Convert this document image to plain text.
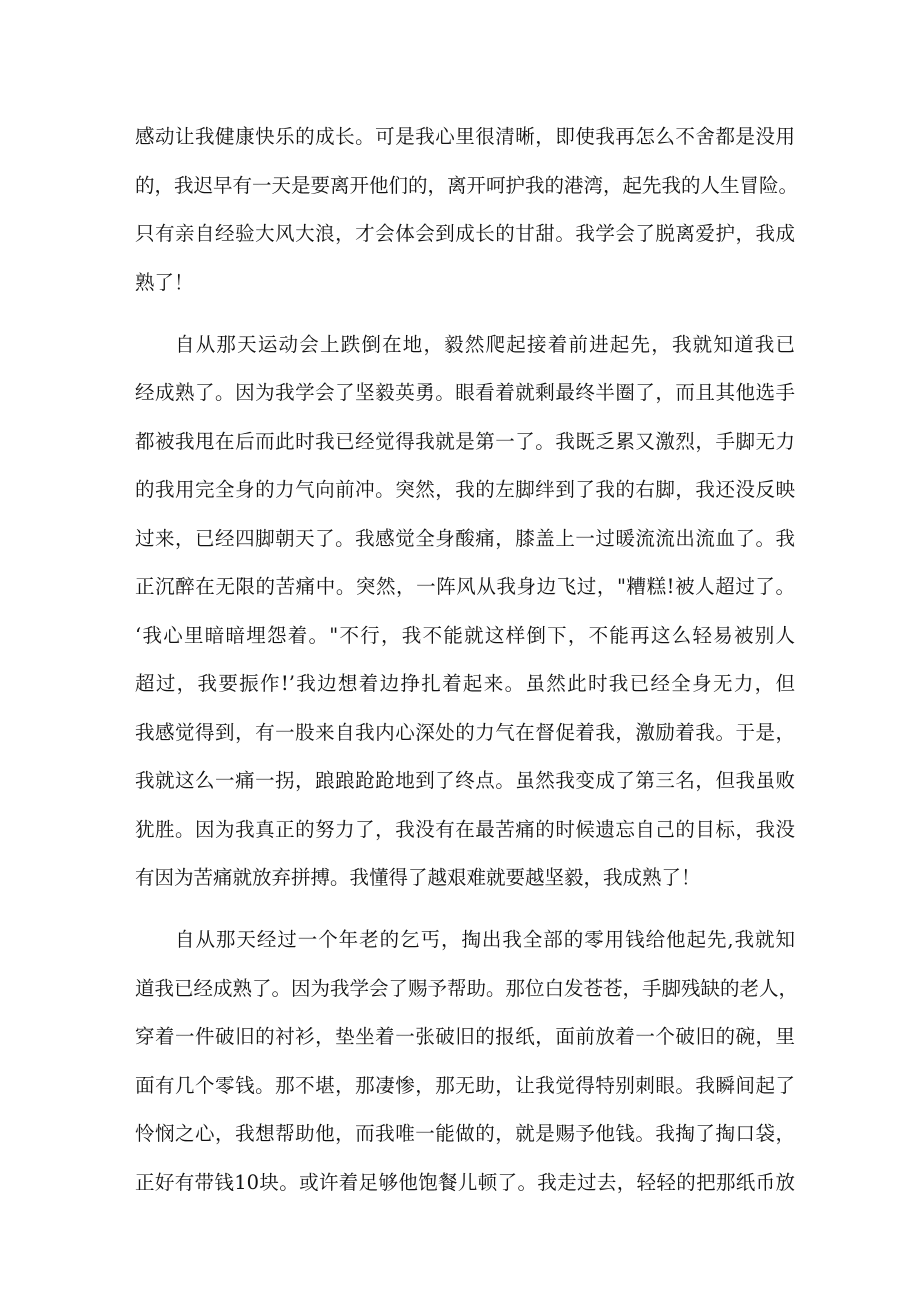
感动让我健康快乐的成长。可是我心里很清晰，即使我再怎么不舍都是没用
的，我迟早有一天是要离开他们的，离开呵护我的港湾，起先我的人生冒险。
只有亲自经验大风大浪，才会体会到成长的甘甜。我学会了脱离爱护，我成
熟了！
自从那天运动会上跌倒在地，毅然爬起接着前进起先，我就知道我已
经成熟了。因为我学会了坚毅英勇。眼看着就剩最终半圈了，而且其他选手
都被我甩在后而此时我已经觉得我就是第一了。我既乏累又激烈，手脚无力
的我用完全身的力气向前冲。突然，我的左脚绊到了我的右脚，我还没反映
过来，已经四脚朝天了。我感觉全身酸痛，膝盖上一过暖流流出流血了。我
正沉醉在无限的苦痛中。突然，一阵风从我身边飞过，"糟糕!被人超过了。
‘我心里暗暗埋怨着。"不行，我不能就这样倒下，不能再这么轻易被别人
超过，我要振作!’我边想着边挣扎着起来。虽然此时我已经全身无力，但
我感觉得到，有一股来自我内心深处的力气在督促着我，激励着我。于是，
我就这么一痛一拐，踉踉跄跄地到了终点。虽然我变成了第三名，但我虽败
犹胜。因为我真正的努力了，我没有在最苦痛的时候遗忘自己的目标，我没
有因为苦痛就放弃拼搏。我懂得了越艰难就要越坚毅，我成熟了！
自从那天经过一个年老的乞丐，掏出我全部的零用钱给他起先,我就知
道我已经成熟了。因为我学会了赐予帮助。那位白发苍苍，手脚残缺的老人，
穿着一件破旧的衬衫，垫坐着一张破旧的报纸，面前放着一个破旧的碗，里
面有几个零钱。那不堪，那凄惨，那无助，让我觉得特别刺眼。我瞬间起了
怜悯之心，我想帮助他，而我唯一能做的，就是赐予他钱。我掏了掏口袋，
正好有带钱10块。或许着足够他饱餐儿顿了。我走过去，轻轻的把那纸币放
